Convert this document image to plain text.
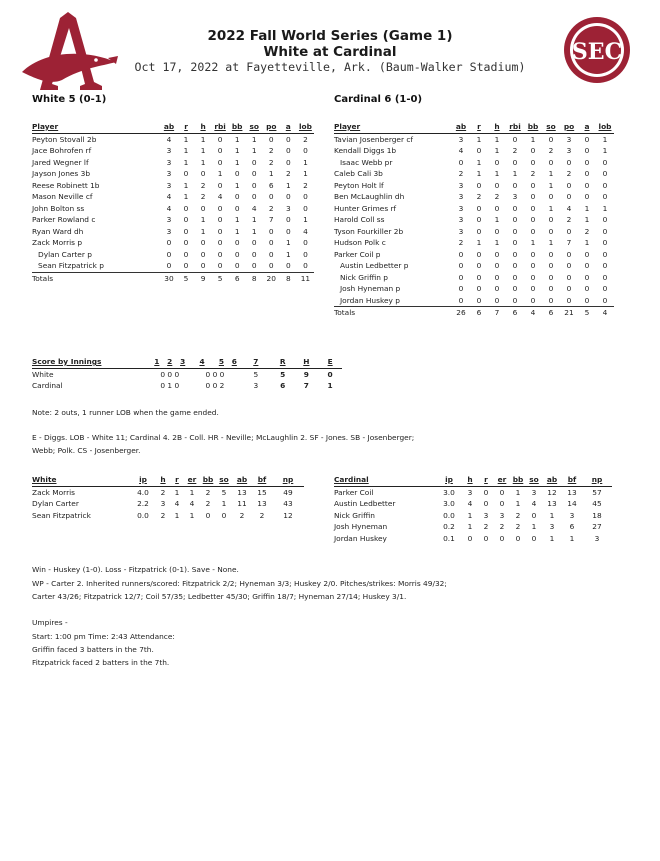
SEC
2022 Fall World Series (Game 1)
White at Cardinal
Oct 17, 2022 at Fayetteville, Ark. (Baum-Walker Stadium)
White 5 (0-1)	Cardinal 6 (1-0)
Player	ab	r	h	rbi	bb	so	po	a	lob
Peyton Stovall 2b	4	1	1	0	1	1	0	0	2
Jace Bohrofen rf	3	1	1	0	1	1	2	0	0
Jared Wegner lf	3	1	1	0	1	0	2	0	1
Jayson Jones 3b	3	0	0	1	0	0	1	2	1
Reese Robinett 1b	3	1	2	0	1	0	6	1	2
Mason Neville cf	4	1	2	4	0	0	0	0	0
John Bolton ss	4	0	0	0	0	4	2	3	0
Parker Rowland c	3	0	1	0	1	1	7	0	1
Ryan Ward dh	3	0	1	0	1	1	0	0	4
Zack Morris p	0	0	0	0	0	0	0	1	0
Dylan Carter p	0	0	0	0	0	0	0	1	0
Sean Fitzpatrick p	0	0	0	0	0	0	0	0	0
Totals	30	5	9	5	6	8	20	8	11
Player	ab	r	h	rbi	bb	so	po	a	lob
Tavian Josenberger cf	3	1	1	0	1	0	3	0	1
Kendall Diggs 1b	4	0	1	2	0	2	3	0	1
Isaac Webb pr	0	1	0	0	0	0	0	0	0
Caleb Cali 3b	2	1	1	1	2	1	2	0	0
Peyton Holt lf	3	0	0	0	0	1	0	0	0
Ben McLaughlin dh	3	2	2	3	0	0	0	0	0
Hunter Grimes rf	3	0	0	0	0	1	4	1	1
Harold Coll ss	3	0	1	0	0	0	2	1	0
Tyson Fourkiller 2b	3	0	0	0	0	0	0	2	0
Hudson Polk c	2	1	1	0	1	1	7	1	0
Parker Coil p	0	0	0	0	0	0	0	0	0
Austin Ledbetter p	0	0	0	0	0	0	0	0	0
Nick Griffin p	0	0	0	0	0	0	0	0	0
Josh Hyneman p	0	0	0	0	0	0	0	0	0
Jordan Huskey p	0	0	0	0	0	0	0	0	0
Totals	26	6	7	6	4	6	21	5	4
Score by Innings	1	2	3	4	5	6	7	R	H	E
White	0 0 0			0 0 0			5	5	9	0
Cardinal	0 1 0			0 0 2			3	6	7	1
Note: 2 outs, 1 runner LOB when the game ended.
E - Diggs. LOB - White 11; Cardinal 4. 2B - Coll. HR - Neville; McLaughlin 2. SF - Jones. SB - Josenberger;
Webb; Polk. CS - Josenberger.
White	ip	h	r	er	bb	so	ab	bf	np
Zack Morris	4.0	2	1	1	2	5	13	15	49
Dylan Carter	2.2	3	4	4	2	1	11	13	43
Sean Fitzpatrick	0.0	2	1	1	0	0	2	2	12
Cardinal	ip	h	r	er	bb	so	ab	bf	np
Parker Coil	3.0	3	0	0	1	3	12	13	57
Austin Ledbetter	3.0	4	0	0	1	4	13	14	45
Nick Griffin	0.0	1	3	3	2	0	1	3	18
Josh Hyneman	0.2	1	2	2	2	1	3	6	27
Jordan Huskey	0.1	0	0	0	0	0	1	1	3
Win - Huskey (1-0). Loss - Fitzpatrick (0-1). Save - None.
WP - Carter 2. Inherited runners/scored: Fitzpatrick 2/2; Hyneman 3/3; Huskey 2/0. Pitches/strikes: Morris 49/32;
Carter 43/26; Fitzpatrick 12/7; Coil 57/35; Ledbetter 45/30; Griffin 18/7; Hyneman 27/14; Huskey 3/1.
Umpires -
Start: 1:00 pm Time: 2:43 Attendance:
Griffin faced 3 batters in the 7th.
Fitzpatrick faced 2 batters in the 7th.
